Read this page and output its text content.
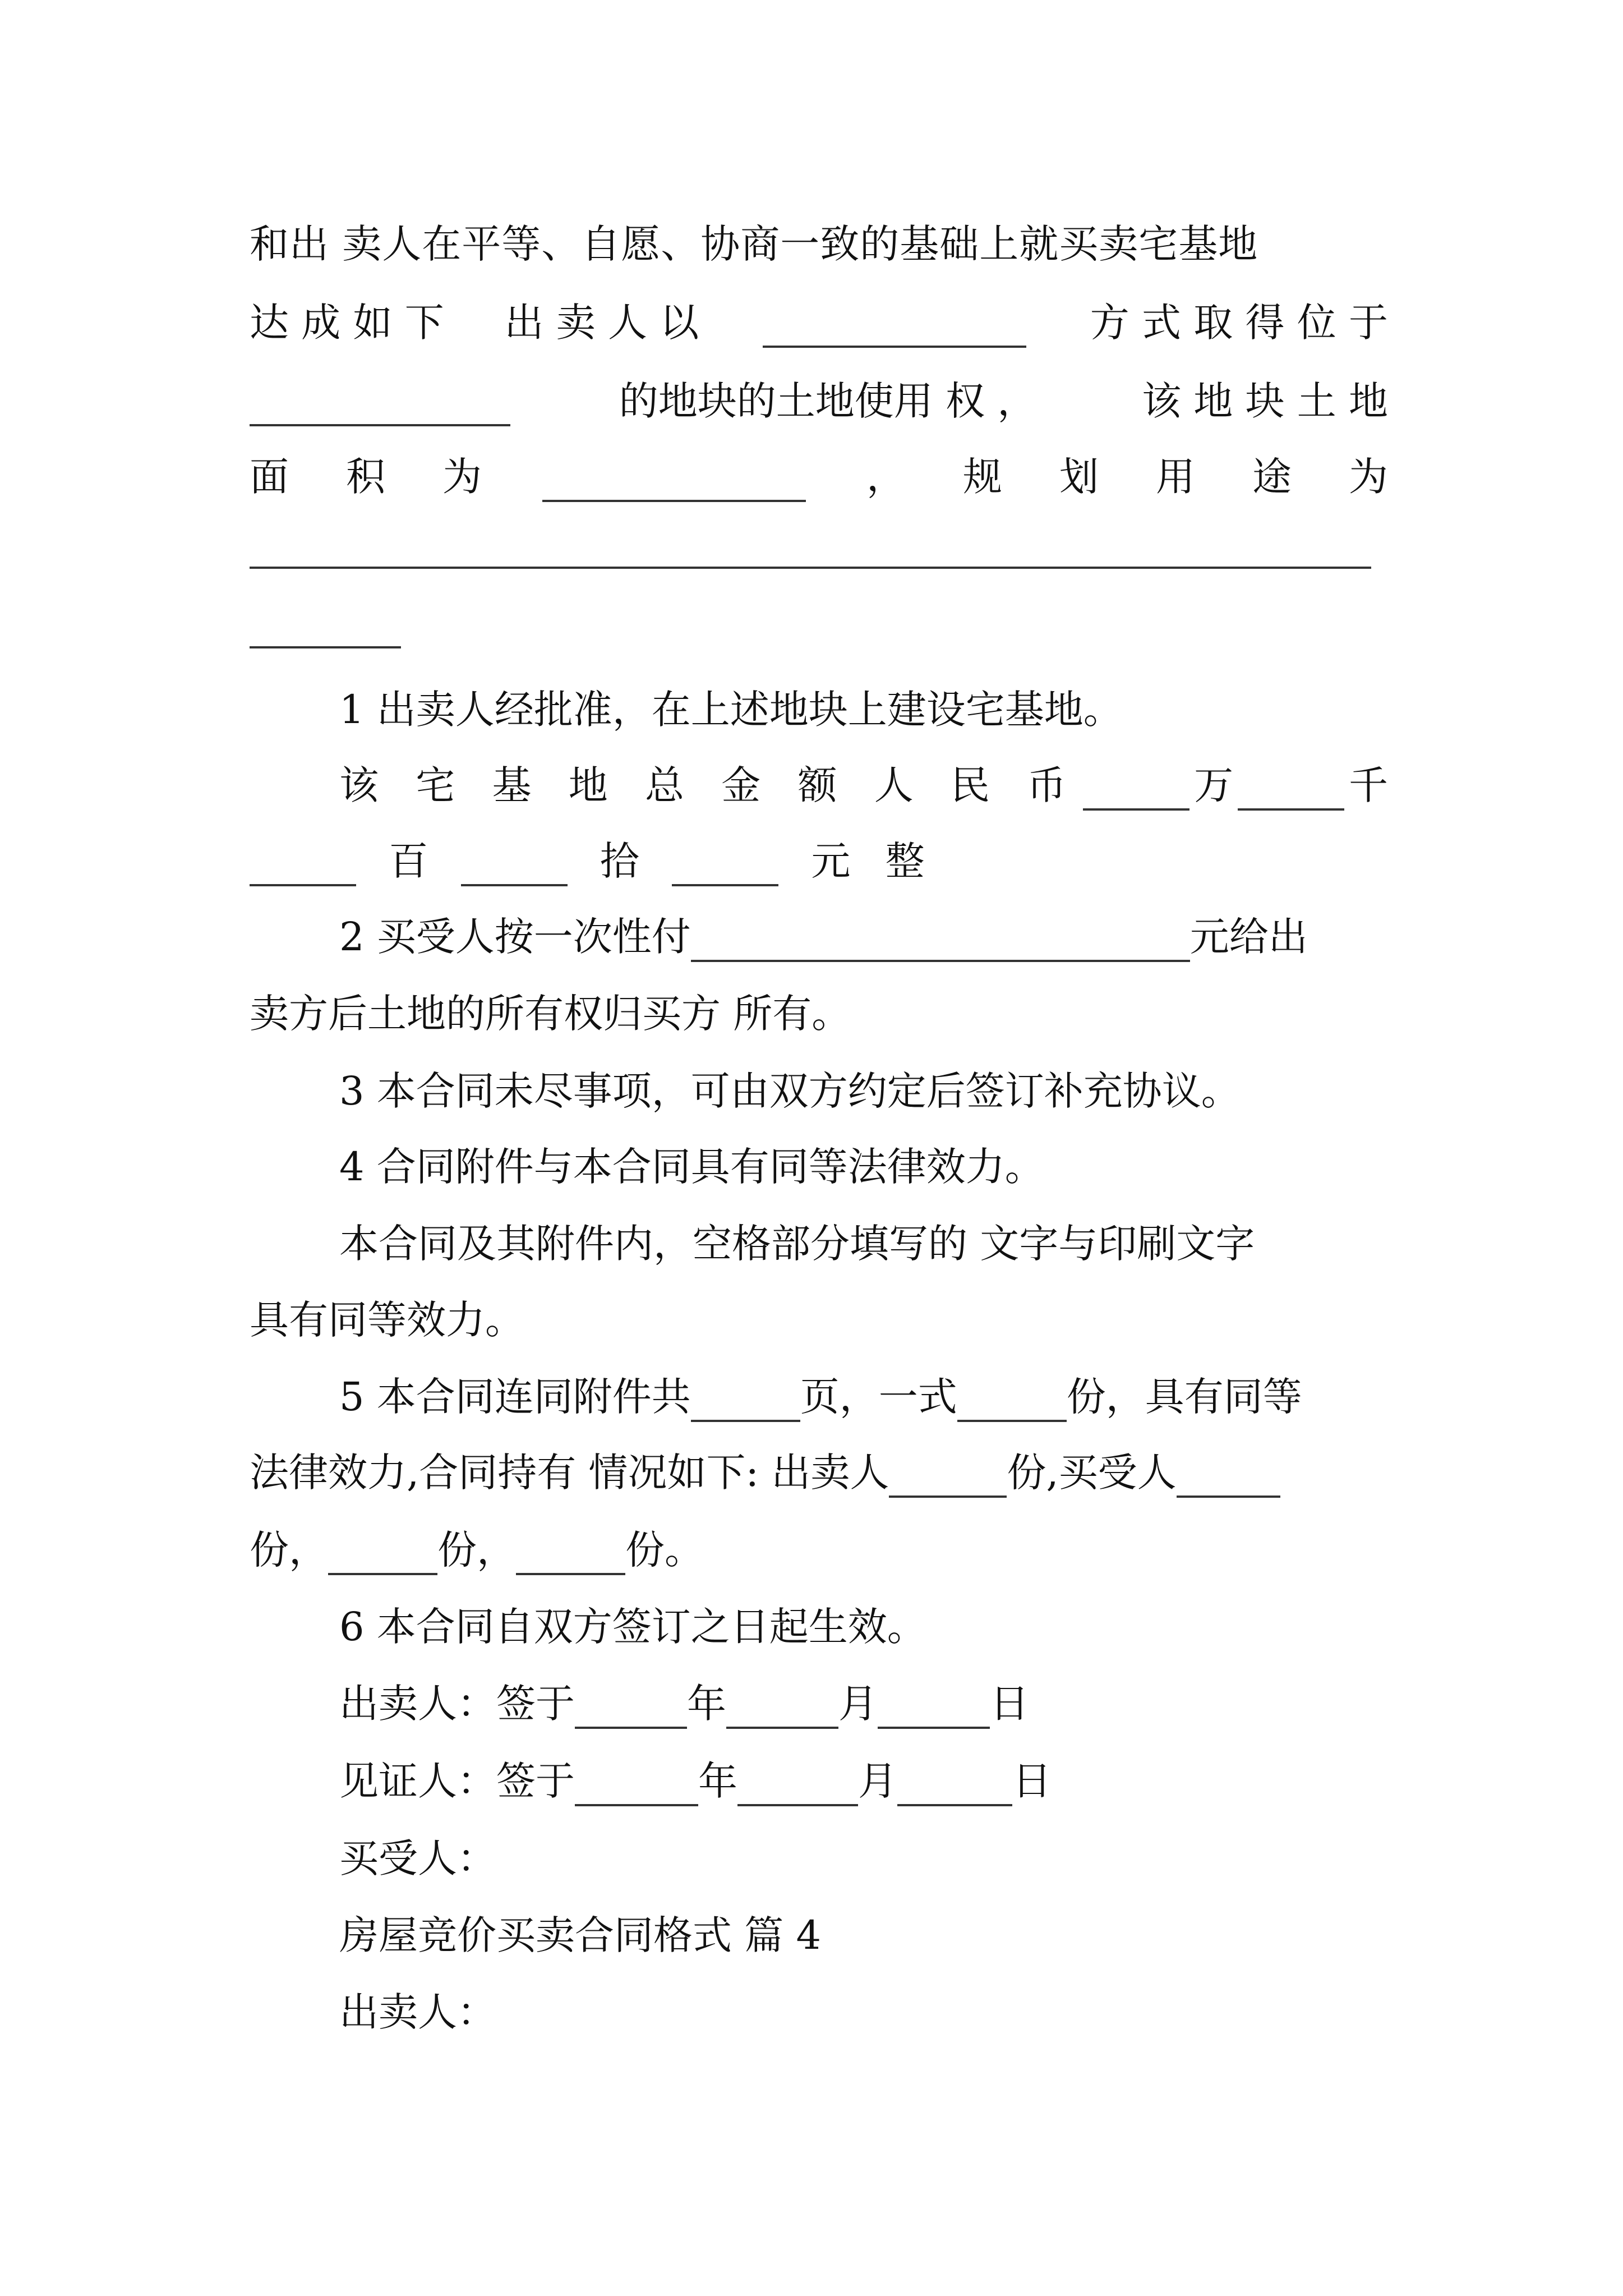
和出 卖人在平等、自愿、协商一致的基础上就买卖宅基地
达 成 如 下 出 卖 人 以	方 式 取 得 位 于
的地块的土地使用 权 ，	该 地 块 土 地
面 积 为	， 规 划 用 途 为
1 出卖人经批准，在上述地块上建设宅基地。
该 宅 基 地 总 金 额 人 民 币	万	千
百	拾	元 整
2 买受人按一次性付	元给出
卖方后土地的所有权归买方 所有。
3 本合同未尽事项，可由双方约定后签订补充协议。
4 合同附件与本合同具有同等法律效力。
本合同及其附件内，空格部分填写的 文字与印刷文字
具有同等效力。
5 本合同连同附件共	页，一式	份，具有同等
法律效力,合同持有 情况如下: 出卖人	份,买受人
份，	份，	份。
6 本合同自双方签订之日起生效。
出卖人：签于	年	月	日
见证人：签于	年	月	日
买受人：
房屋竞价买卖合同格式 篇 4
出卖人：
